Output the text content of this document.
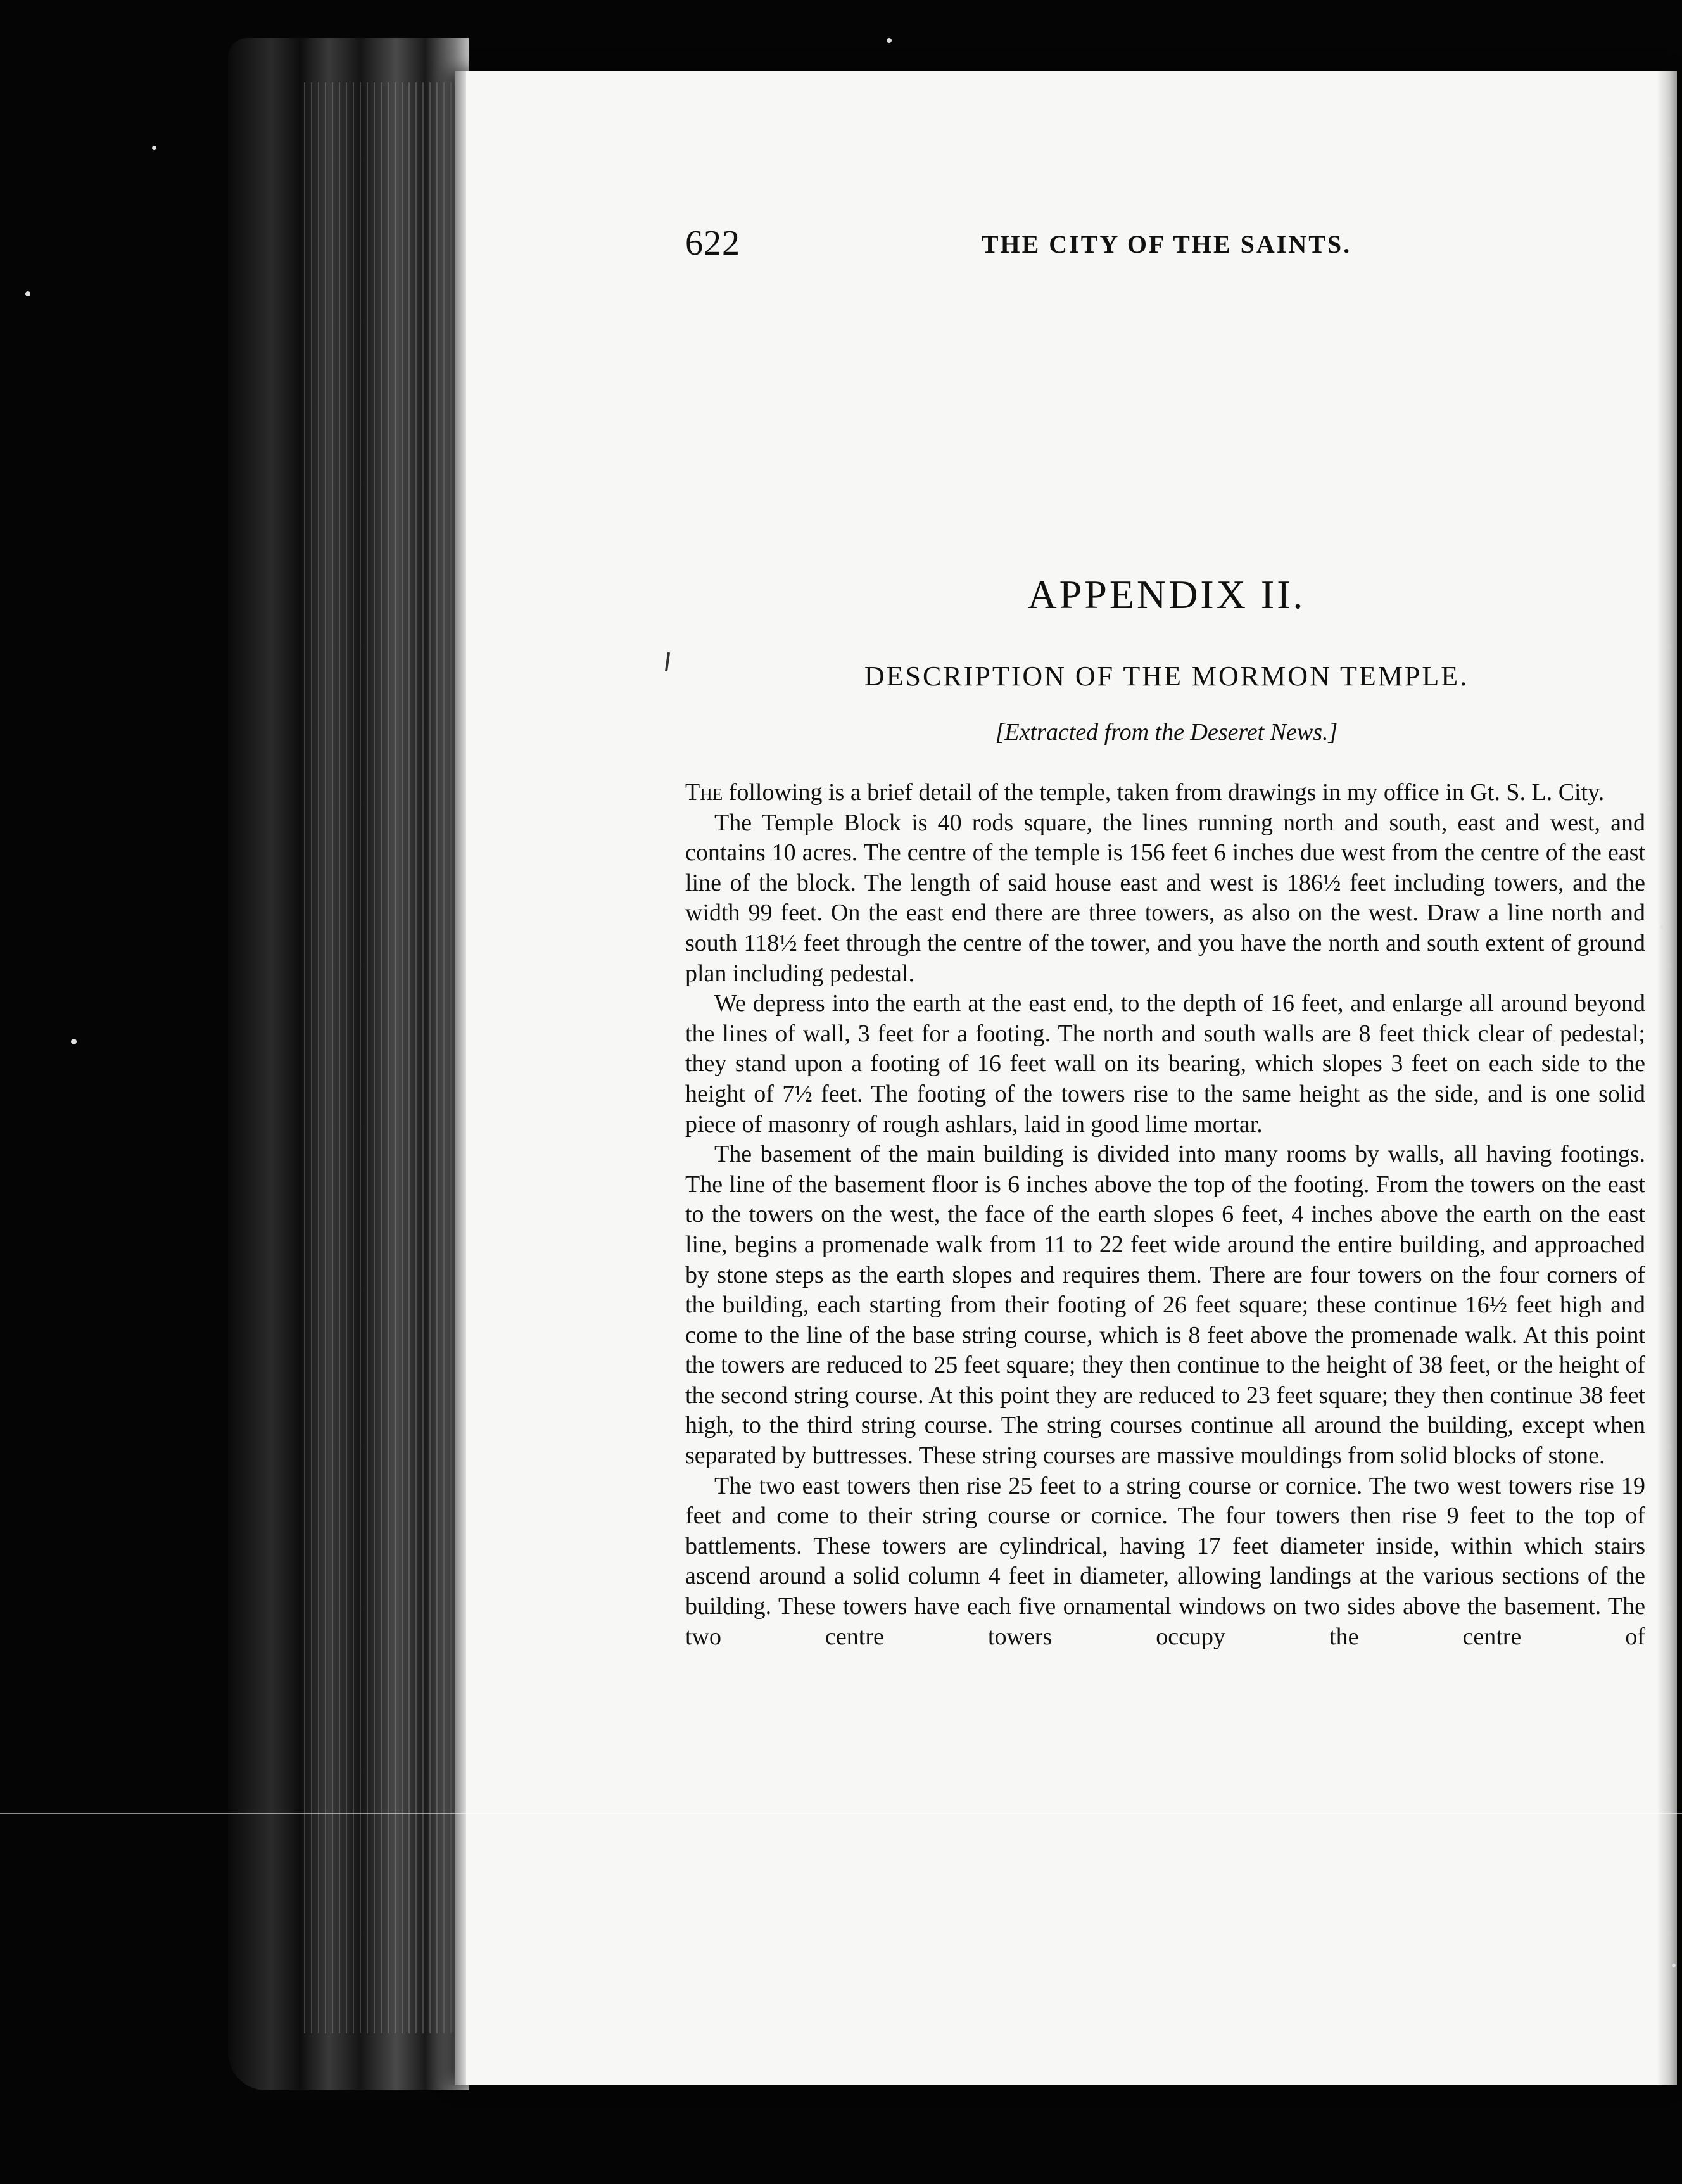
622	THE CITY OF THE SAINTS.
APPENDIX II.
DESCRIPTION OF THE MORMON TEMPLE.
[Extracted from the Deseret News.]

The following is a brief detail of the temple, taken from drawings in my office in Gt. S. L. City.

The Temple Block is 40 rods square, the lines running north and south, east and west, and contains 10 acres. The centre of the temple is 156 feet 6 inches due west from the centre of the east line of the block. The length of said house east and west is 186½ feet including towers, and the width 99 feet. On the east end there are three towers, as also on the west. Draw a line north and south 118½ feet through the centre of the tower, and you have the north and south extent of ground plan including pedestal.

We depress into the earth at the east end, to the depth of 16 feet, and enlarge all around beyond the lines of wall, 3 feet for a footing. The north and south walls are 8 feet thick clear of pedestal; they stand upon a footing of 16 feet wall on its bearing, which slopes 3 feet on each side to the height of 7½ feet. The footing of the towers rise to the same height as the side, and is one solid piece of masonry of rough ashlars, laid in good lime mortar.

The basement of the main building is divided into many rooms by walls, all having footings. The line of the basement floor is 6 inches above the top of the footing. From the towers on the east to the towers on the west, the face of the earth slopes 6 feet, 4 inches above the earth on the east line, begins a promenade walk from 11 to 22 feet wide around the entire building, and approached by stone steps as the earth slopes and requires them. There are four towers on the four corners of the building, each starting from their footing of 26 feet square; these continue 16½ feet high and come to the line of the base string course, which is 8 feet above the promenade walk. At this point the towers are reduced to 25 feet square; they then continue to the height of 38 feet, or the height of the second string course. At this point they are reduced to 23 feet square; they then continue 38 feet high, to the third string course. The string courses continue all around the building, except when separated by buttresses. These string courses are massive mouldings from solid blocks of stone.

The two east towers then rise 25 feet to a string course or cornice. The two west towers rise 19 feet and come to their string course or cornice. The four towers then rise 9 feet to the top of battlements. These towers are cylindrical, having 17 feet diameter inside, within which stairs ascend around a solid column 4 feet in diameter, allowing landings at the various sections of the building. These towers have each five ornamental windows on two sides above the basement. The two centre towers occupy the centre of
